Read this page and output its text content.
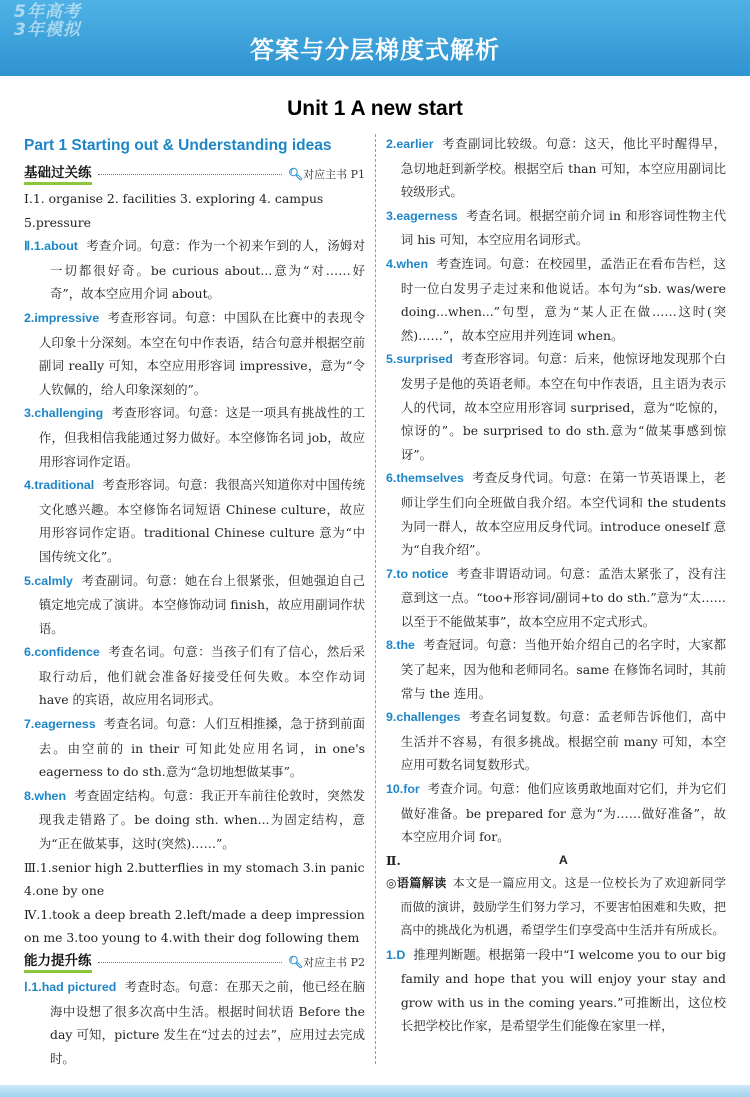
5年高考
3年模拟
答案与分层梯度式解析
Unit 1 A new start
Part 1 Starting out & Understanding ideas
基础过关练	🔍︎对应主书 P1

Ⅰ.1. organise 2. facilities 3. exploring 4. campus

5.pressure

Ⅱ.1.about 考查介词。句意：作为一个初来乍到的人，汤姆对一切都很好奇。be curious about...意为“对……好奇”，故本空应用介词 about。

2.impressive 考查形容词。句意：中国队在比赛中的表现令人印象十分深刻。本空在句中作表语，结合句意并根据空前副词 really 可知，本空应用形容词 impressive，意为“令人钦佩的，给人印象深刻的”。

3.challenging 考查形容词。句意：这是一项具有挑战性的工作，但我相信我能通过努力做好。本空修饰名词 job，故应用形容词作定语。

4.traditional 考查形容词。句意：我很高兴知道你对中国传统文化感兴趣。本空修饰名词短语 Chinese culture，故应用形容词作定语。traditional Chinese culture 意为“中国传统文化”。

5.calmly 考查副词。句意：她在台上很紧张，但她强迫自己镇定地完成了演讲。本空修饰动词 finish，故应用副词作状语。

6.confidence 考查名词。句意：当孩子们有了信心，然后采取行动后，他们就会准备好接受任何失败。本空作动词 have 的宾语，故应用名词形式。

7.eagerness 考查名词。句意：人们互相推搡，急于挤到前面去。由空前的 in their 可知此处应用名词，in one's eagerness to do sth.意为“急切地想做某事”。

8.when 考查固定结构。句意：我正开车前往伦敦时，突然发现我走错路了。be doing sth. when...为固定结构，意为“正在做某事，这时(突然)……”。

Ⅲ.1.senior high 2.butterflies in my stomach 3.in panic

4.one by one

Ⅳ.1.took a deep breath 2.left/made a deep impression

on me 3.too young to 4.with their dog following them

能力提升练	🔍︎对应主书 P2

Ⅰ.1.had pictured 考查时态。句意：在那天之前，他已经在脑海中设想了很多次高中生活。根据时间状语 Before the day 可知，picture 发生在“过去的过去”，应用过去完成时。

2.earlier 考查副词比较级。句意：这天，他比平时醒得早，急切地赶到新学校。根据空后 than 可知，本空应用副词比较级形式。

3.eagerness 考查名词。根据空前介词 in 和形容词性物主代词 his 可知，本空应用名词形式。

4.when 考查连词。句意：在校园里，孟浩正在看布告栏，这时一位白发男子走过来和他说话。本句为“sb. was/were doing...when...”句型，意为“某人正在做……这时(突然)……”，故本空应用并列连词 when。

5.surprised 考查形容词。句意：后来，他惊讶地发现那个白发男子是他的英语老师。本空在句中作表语，且主语为表示人的代词，故本空应用形容词 surprised，意为“吃惊的，惊讶的”。be surprised to do sth.意为“做某事感到惊讶”。

6.themselves 考查反身代词。句意：在第一节英语课上，老师让学生们向全班做自我介绍。本空代词和 the students 为同一群人，故本空应用反身代词。introduce oneself 意为“自我介绍”。

7.to notice 考查非谓语动词。句意：孟浩太紧张了，没有注意到这一点。“too+形容词/副词+to do sth.”意为“太……以至于不能做某事”，故本空应用不定式形式。

8.the 考查冠词。句意：当他开始介绍自己的名字时，大家都笑了起来，因为他和老师同名。same 在修饰名词时，其前常与 the 连用。

9.challenges 考查名词复数。句意：孟老师告诉他们，高中生活并不容易，有很多挑战。根据空前 many 可知，本空应用可数名词复数形式。

10.for 考查介词。句意：他们应该勇敢地面对它们，并为它们做好准备。be prepared for 意为“为……做好准备”，故本空应用介词 for。

Ⅱ.	A

◎语篇解读 本文是一篇应用文。这是一位校长为了欢迎新同学而做的演讲，鼓励学生们努力学习，不要害怕困难和失败，把高中的挑战化为机遇，希望学生们享受高中生活并有所成长。

1.D 推理判断题。根据第一段中“I welcome you to our big family and hope that you will enjoy your stay and grow with us in the coming years.”可推断出，这位校长把学校比作家，是希望学生们能像在家里一样，
